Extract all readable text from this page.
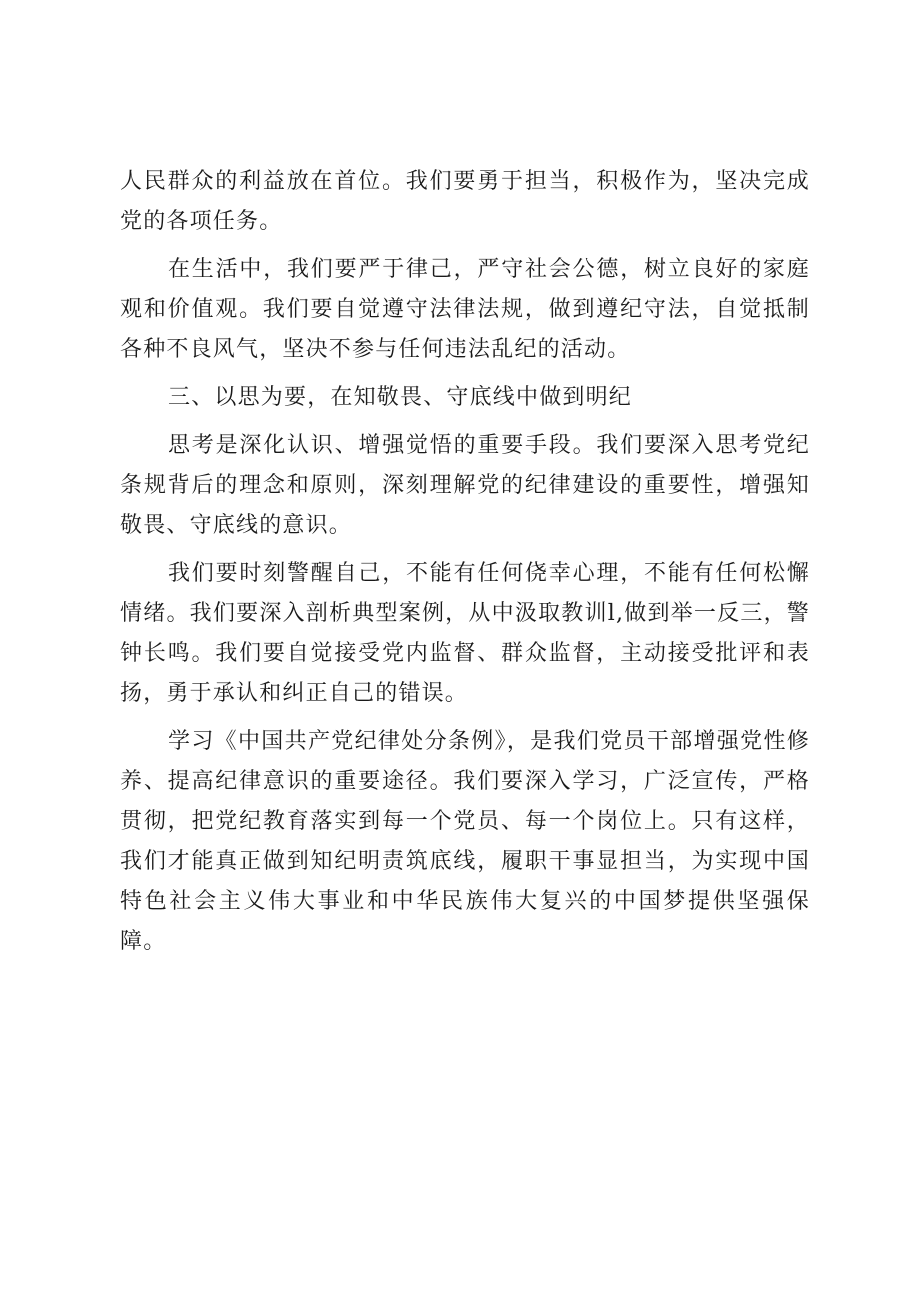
人民群众的利益放在首位。我们要勇于担当，积极作为，坚决完成党的各项任务。

在生活中，我们要严于律己，严守社会公德，树立良好的家庭观和价值观。我们要自觉遵守法律法规，做到遵纪守法，自觉抵制各种不良风气，坚决不参与任何违法乱纪的活动。

三、以思为要，在知敬畏、守底线中做到明纪

思考是深化认识、增强觉悟的重要手段。我们要深入思考党纪条规背后的理念和原则，深刻理解党的纪律建设的重要性，增强知敬畏、守底线的意识。

我们要时刻警醒自己，不能有任何侥幸心理，不能有任何松懈情绪。我们要深入剖析典型案例，从中汲取教训l,做到举一反三，警钟长鸣。我们要自觉接受党内监督、群众监督，主动接受批评和表扬，勇于承认和纠正自己的错误。

学习《中国共产党纪律处分条例》，是我们党员干部增强党性修养、提高纪律意识的重要途径。我们要深入学习，广泛宣传，严格贯彻，把党纪教育落实到每一个党员、每一个岗位上。只有这样，我们才能真正做到知纪明责筑底线，履职干事显担当，为实现中国特色社会主义伟大事业和中华民族伟大复兴的中国梦提供坚强保障。
